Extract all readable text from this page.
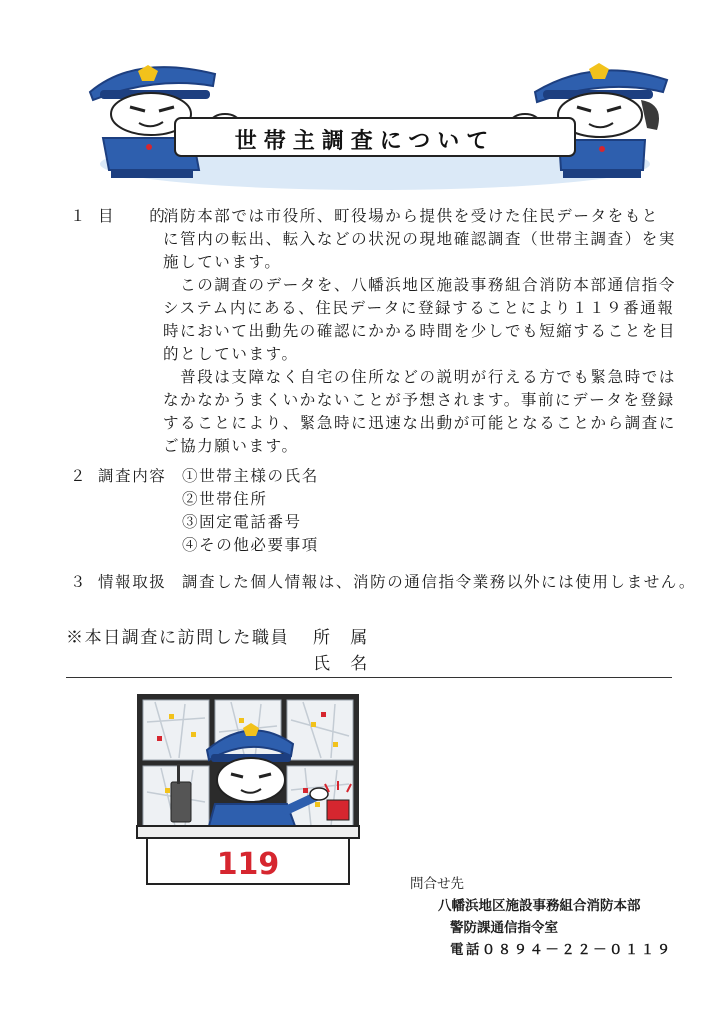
世帯主調査について
１ 目　　的
消防本部では市役所、町役場から提供を受けた住民データをもと
に管内の転出、転入などの状況の現地確認調査（世帯主調査）を実
施しています。
　この調査のデータを、八幡浜地区施設事務組合消防本部通信指令
システム内にある、住民データに登録することにより１１９番通報
時において出動先の確認にかかる時間を少しでも短縮することを目
的としています。
　普段は支障なく自宅の住所などの説明が行える方でも緊急時では
なかなかうまくいかないことが予想されます。事前にデータを登録
することにより、緊急時に迅速な出動が可能となることから調査に
ご協力願います。
２ 調査内容 ①世帯主様の氏名
②世帯住所
③固定電話番号
④その他必要事項
３ 情報取扱 調査した個人情報は、消防の通信指令業務以外には使用しません。
※本日調査に訪問した職員 所　属
氏　名
119
問合せ先
八幡浜地区施設事務組合消防本部
警防課通信指令室
電話０８９４－２２－０１１９
